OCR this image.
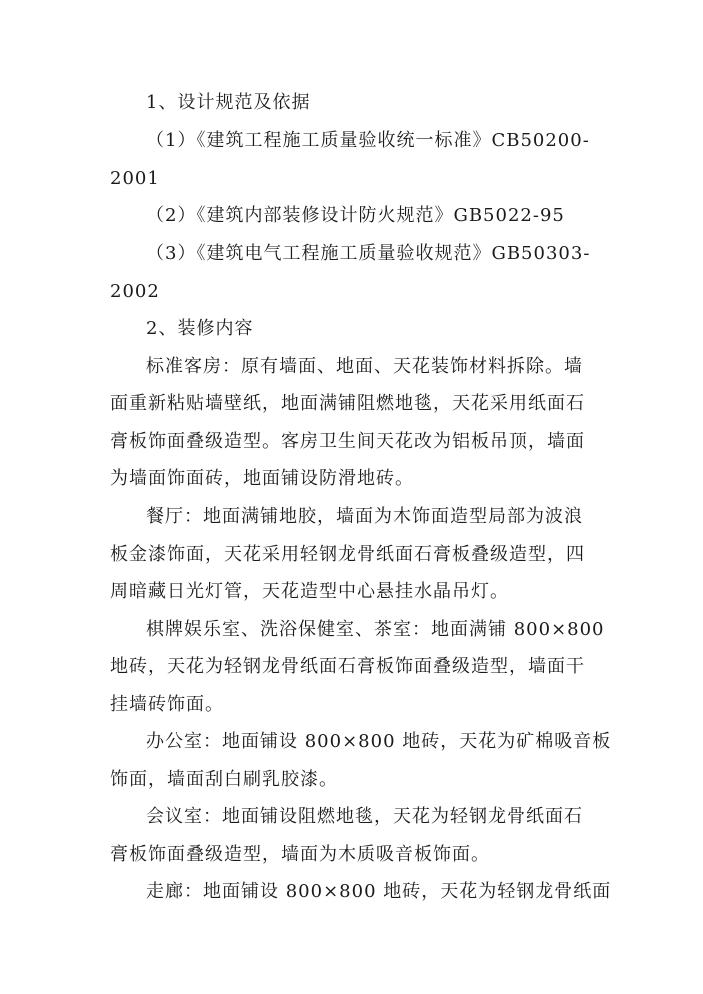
1、设计规范及依据
（1）《建筑工程施工质量验收统一标准》CB50200-
2001
（2）《建筑内部装修设计防火规范》GB5022-95
（3）《建筑电气工程施工质量验收规范》GB50303-
2002
2、装修内容
标准客房：原有墙面、地面、天花装饰材料拆除。墙
面重新粘贴墙壁纸，地面满铺阻燃地毯，天花采用纸面石
膏板饰面叠级造型。客房卫生间天花改为铝板吊顶，墙面
为墙面饰面砖，地面铺设防滑地砖。
餐厅：地面满铺地胶，墙面为木饰面造型局部为波浪
板金漆饰面，天花采用轻钢龙骨纸面石膏板叠级造型，四
周暗藏日光灯管，天花造型中心悬挂水晶吊灯。
棋牌娱乐室、洗浴保健室、茶室：地面满铺 800×800
地砖，天花为轻钢龙骨纸面石膏板饰面叠级造型，墙面干
挂墙砖饰面。
办公室：地面铺设 800×800 地砖，天花为矿棉吸音板
饰面，墙面刮白刷乳胶漆。
会议室：地面铺设阻燃地毯，天花为轻钢龙骨纸面石
膏板饰面叠级造型，墙面为木质吸音板饰面。
走廊：地面铺设 800×800 地砖，天花为轻钢龙骨纸面
